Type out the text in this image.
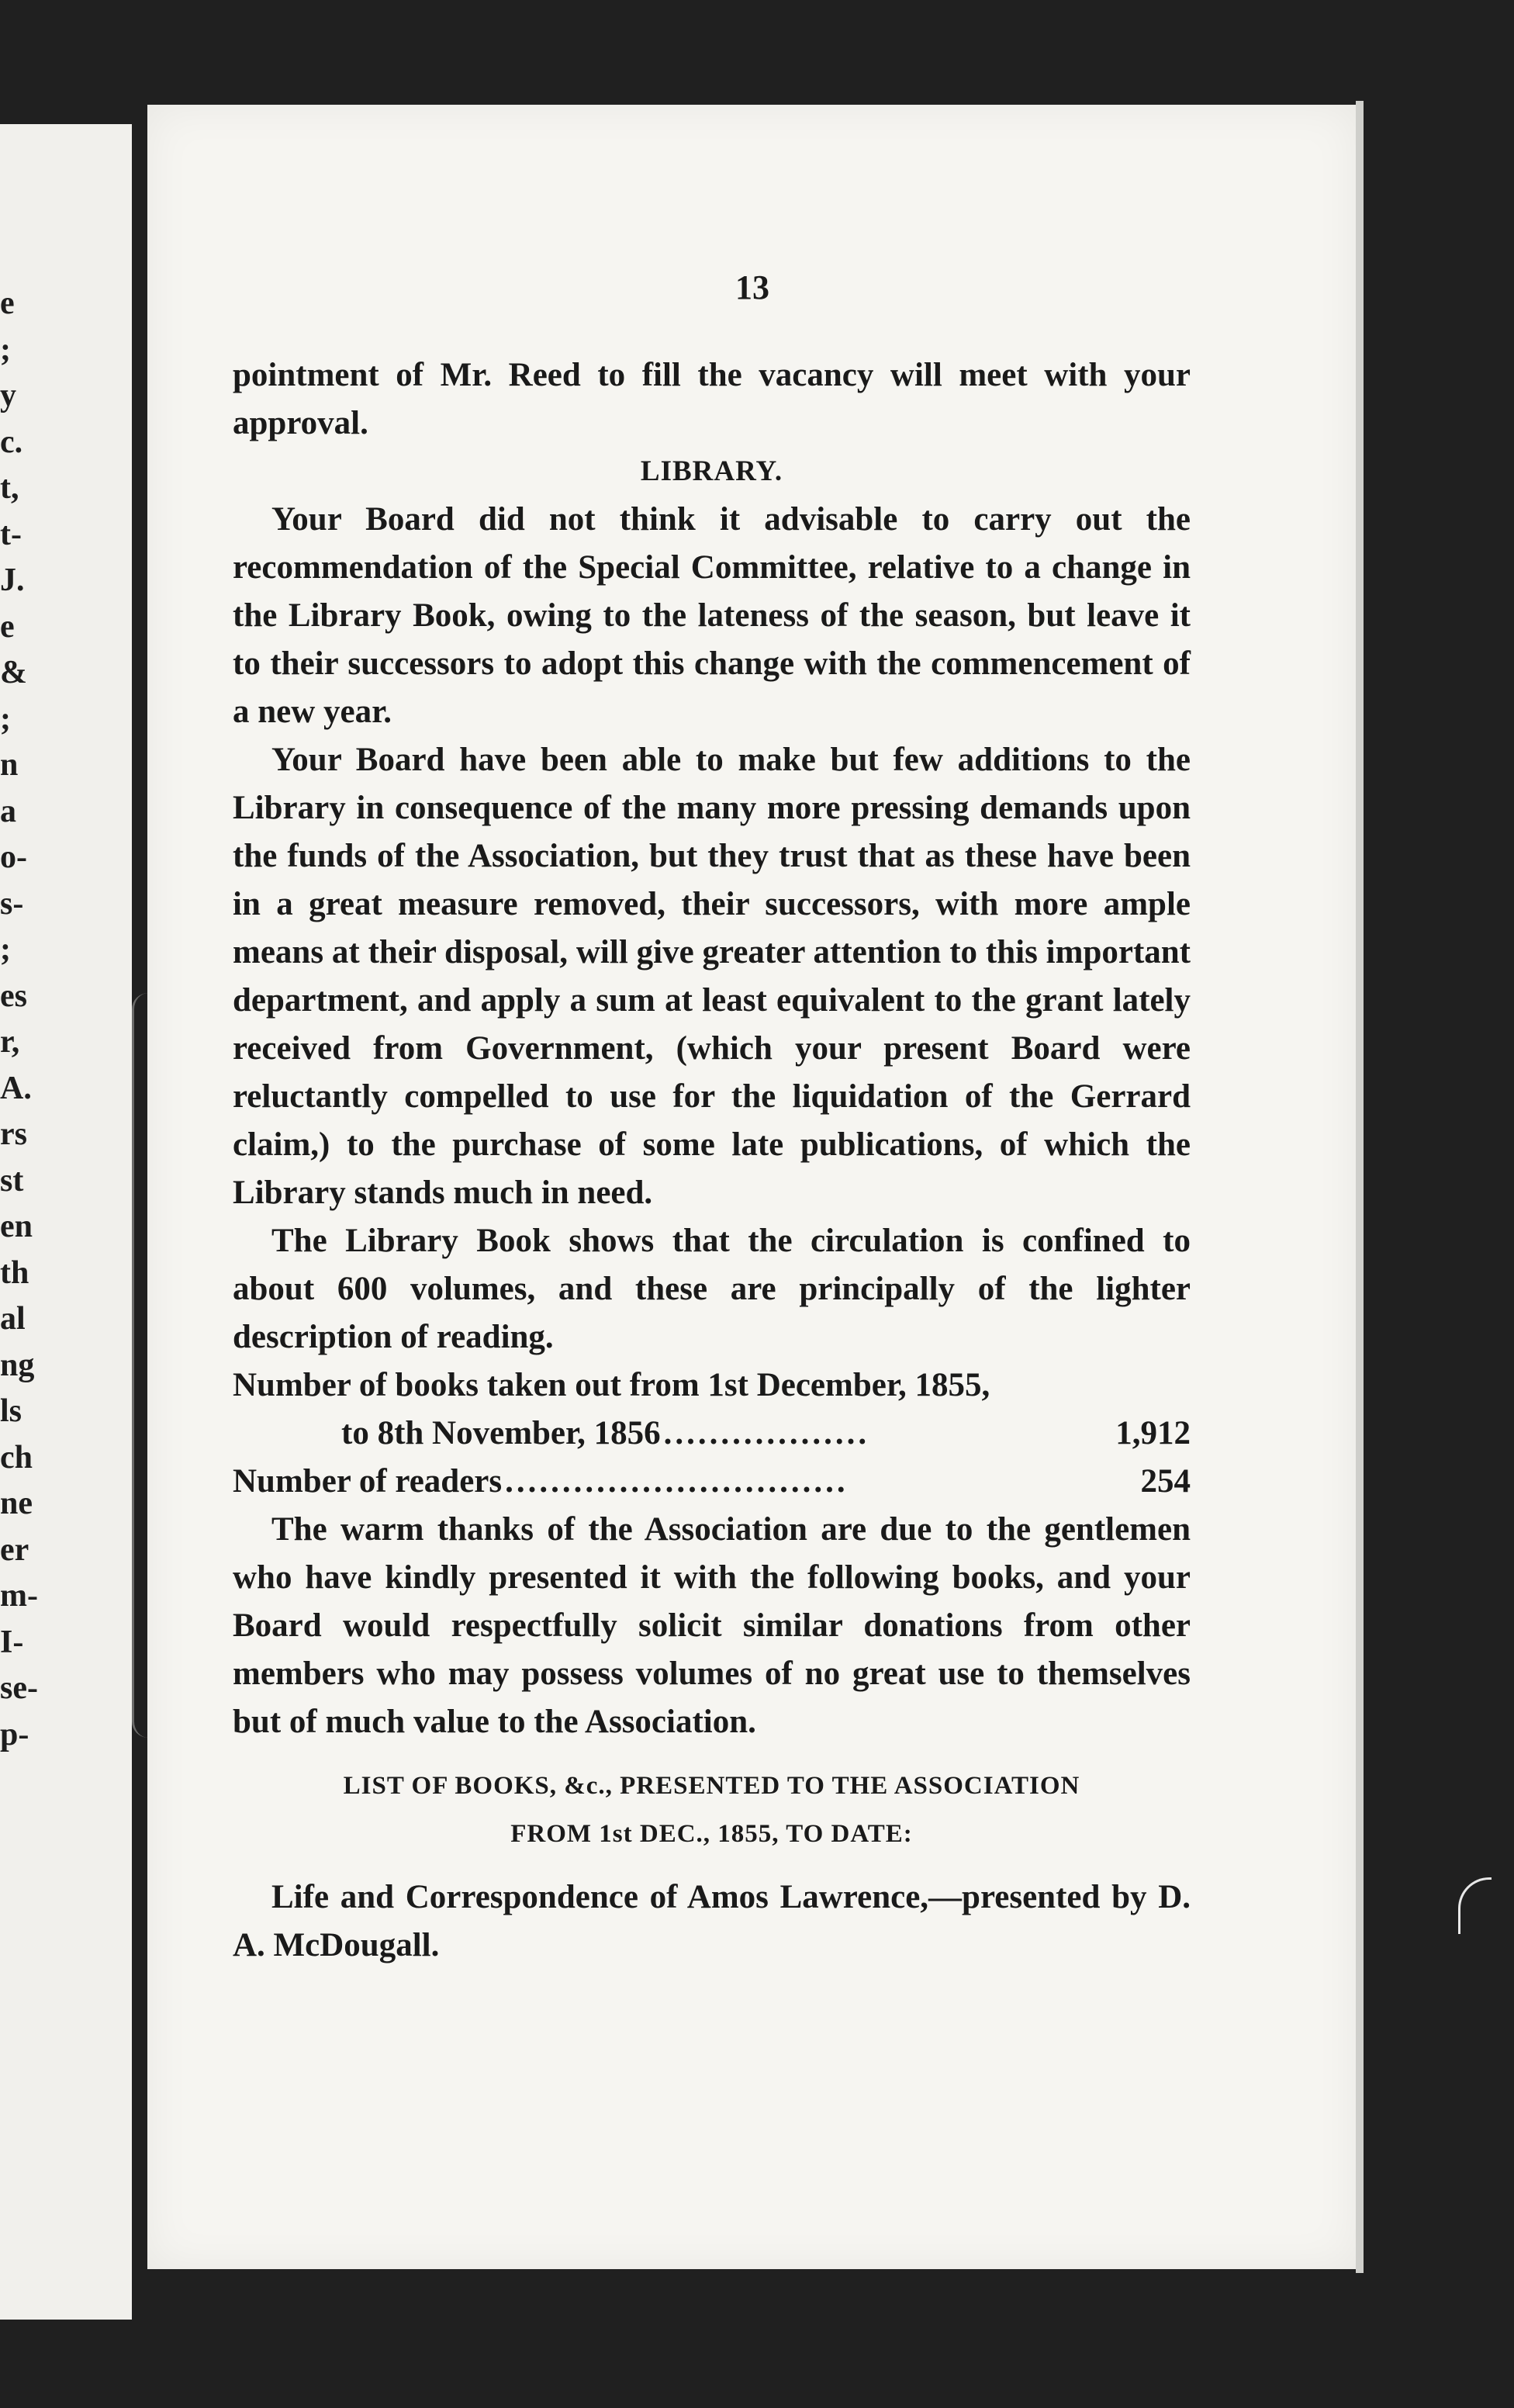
e
;
y
c.
t,
t-
J.
e
&
;
n
a
o-
s-
;
es
r,
A.
rs
st
en
th
al
ng
ls
ch
ne
er
m-
I-
se-
p-
13

pointment of Mr. Reed to fill the vacancy will meet with your approval.

LIBRARY.

Your Board did not think it advisable to carry out the recommendation of the Special Committee, relative to a change in the Library Book, owing to the lateness of the season, but leave it to their successors to adopt this change with the commencement of a new year.

Your Board have been able to make but few additions to the Library in consequence of the many more pressing demands upon the funds of the Association, but they trust that as these have been in a great measure removed, their successors, with more ample means at their disposal, will give greater attention to this important department, and apply a sum at least equivalent to the grant lately received from Government, (which your present Board were reluctantly compelled to use for the liquidation of the Gerrard claim,) to the purchase of some late publications, of which the Library stands much in need.

The Library Book shows that the circulation is confined to about 600 volumes, and these are principally of the lighter description of reading.

Number of books taken out from 1st December, 1855,

to 8th November, 1856 ..................	1,912
Number of readers ..............................	254

The warm thanks of the Association are due to the gentlemen who have kindly presented it with the following books, and your Board would respectfully solicit similar donations from other members who may possess volumes of no great use to themselves but of much value to the Association.

LIST OF BOOKS, &c., PRESENTED TO THE ASSOCIATION

FROM 1st DEC., 1855, TO DATE:

Life and Correspondence of Amos Lawrence,—presented by D. A. McDougall.
